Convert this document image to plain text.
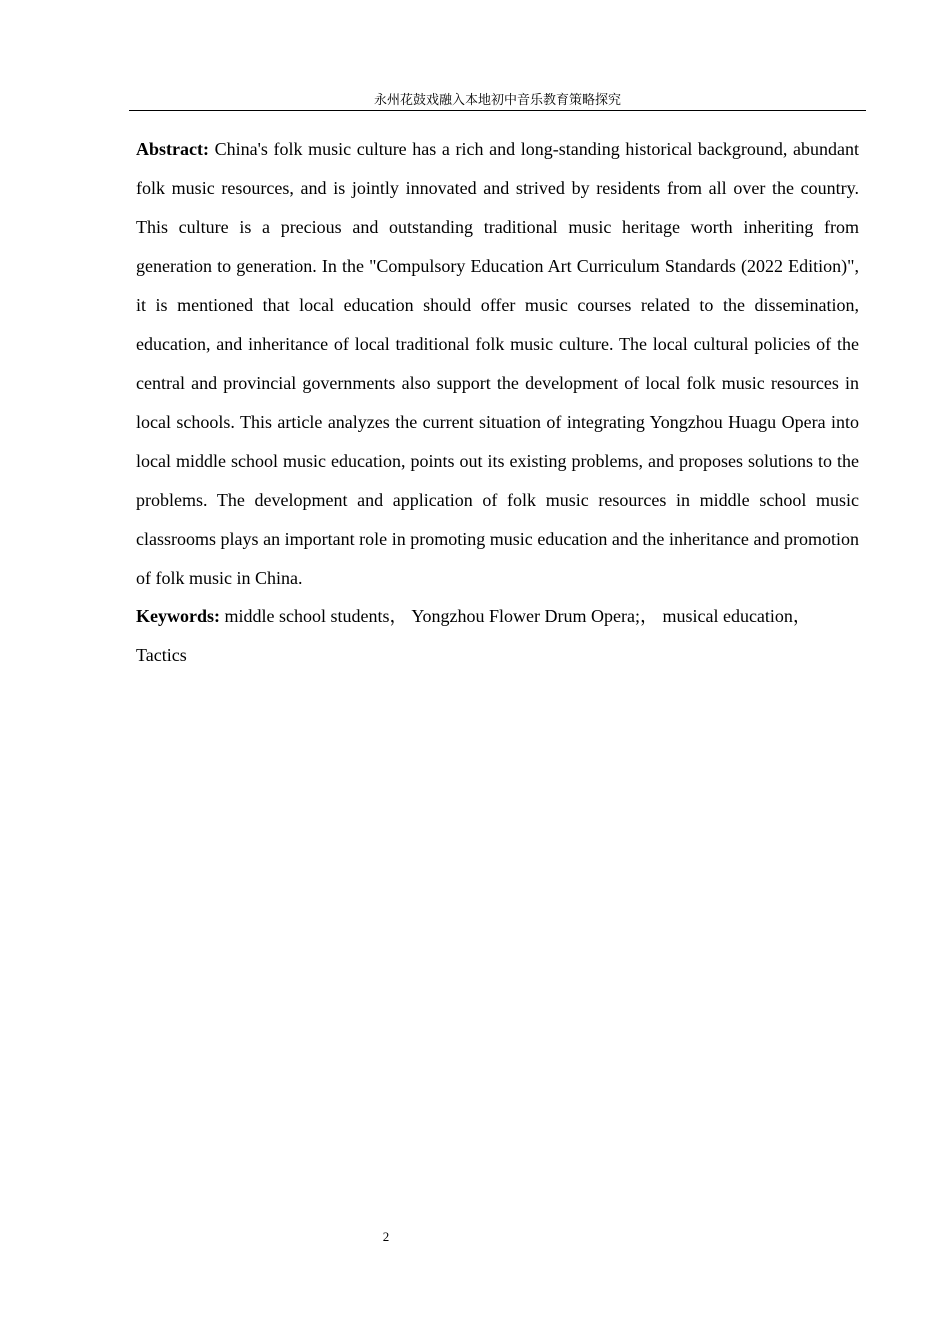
永州花鼓戏融入本地初中音乐教育策略探究

Abstract: China's folk music culture has a rich and long-standing historical background, abundant folk music resources, and is jointly innovated and strived by residents from all over the country. This culture is a precious and outstanding traditional music heritage worth inheriting from generation to generation. In the "Compulsory Education Art Curriculum Standards (2022 Edition)", it is mentioned that local education should offer music courses related to the dissemination, education, and inheritance of local traditional folk music culture. The local cultural policies of the central and provincial governments also support the development of local folk music resources in local schools. This article analyzes the current situation of integrating Yongzhou Huagu Opera into local middle school music education, points out its existing problems, and proposes solutions to the problems. The development and application of folk music resources in middle school music classrooms plays an important role in promoting music education and the inheritance and promotion of folk music in China.

Keywords: middle school students， Yongzhou Flower Drum Opera;， musical education，Tactics

2
